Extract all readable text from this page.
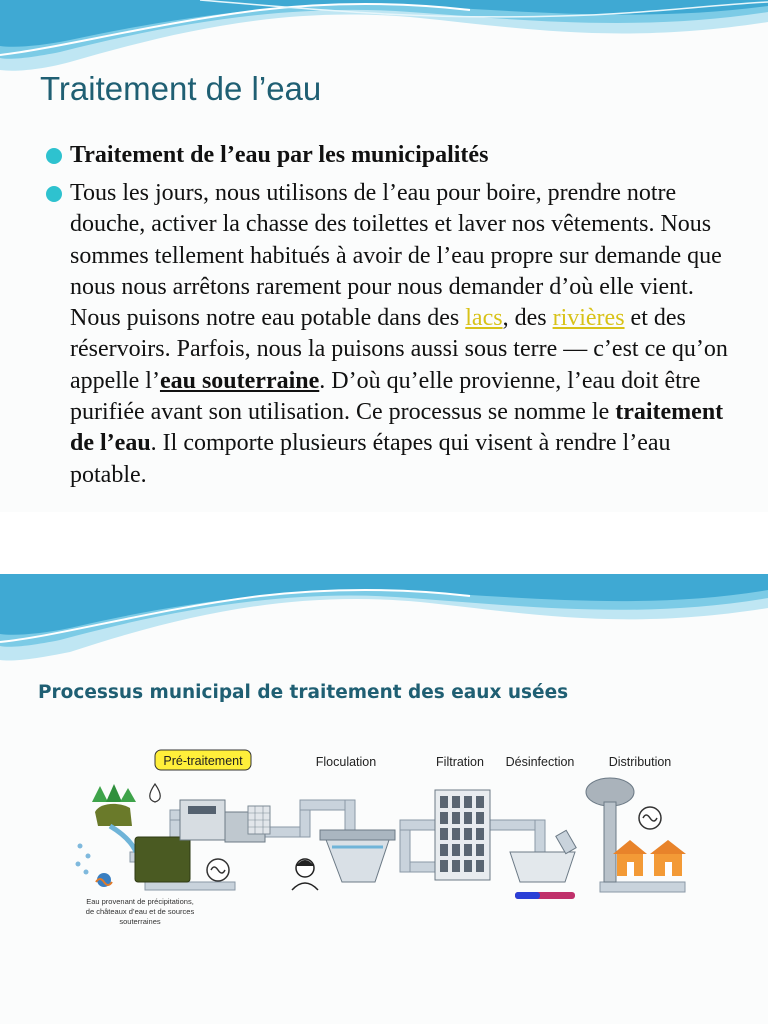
Traitement de l’eau
Traitement de l’eau par les municipalités
Tous les jours, nous utilisons de l’eau pour boire, prendre notre douche, activer la chasse des toilettes et laver nos vêtements. Nous sommes tellement habitués à avoir de l’eau propre sur demande que nous nous arrêtons rarement pour nous demander d’où elle vient. Nous puisons notre eau potable dans des lacs, des rivières et des réservoirs. Parfois, nous la puisons aussi sous terre — c’est ce qu’on appelle l’eau souterraine. D’où qu’elle provienne, l’eau doit être purifiée avant son utilisation. Ce processus se nomme le traitement de l’eau. Il comporte plusieurs étapes qui visent à rendre l’eau potable.
Processus municipal de traitement des eaux usées
Pré-traitement	Floculation	Filtration Désinfection	Distribution
Eau provenant de précipitations,
de châteaux d’eau et de sources
souterraines
